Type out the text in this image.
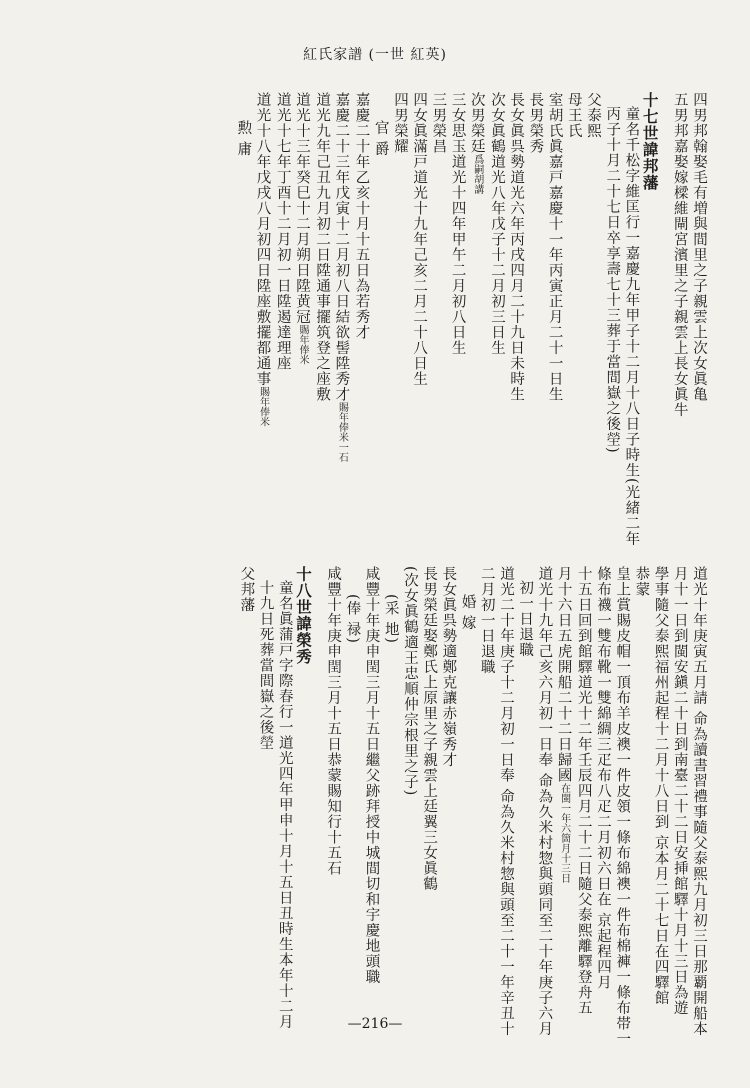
紅氏家譜 (一世 紅英)
四男邦翰娶毛有増與間里之子親雲上次女眞亀
五男邦嘉娶嫁樑維閘宮濱里之子親雲上長女眞牛
十七世諱邦藩
童名千松字維匡行一嘉慶九年甲子十二月十八日子時生(光緒二年
丙子十月二十七日卒享壽七十三葬于當間嶽之後塋)
父泰熙
母王氏
室胡氏眞嘉戸嘉慶十一年丙寅正月二十一日生
長男榮秀
長女眞呉勢道光六年丙戌四月二十九日未時生
次女眞鶴道光八年戊子十二月初三日生
次男榮廷爲嗣胡講
三女思玉道光十四年甲午二月初八日生
三男榮昌
四女眞滿戸道光十九年己亥二月二十八日生
四男榮耀
官 爵
嘉慶二十年乙亥十月十五日為若秀才
嘉慶二十三年戊寅十二月初八日結欲髻陞秀才賜年俸米一石
道光九年己丑九月初二日陞通事擺筑登之座敷
道光十三年癸巳十二月朔日陞黄冠賜年俸米
道光十七年丁酉十二月初一日陞遏達理座
道光十八年戊戌八月初四日陞座敷擺都通事賜年俸米
勲 庸
道光十年庚寅五月請 命為讀書習禮事隨父泰熙九月初三日那覇開船本
月十一日到閩安鎭二十日到南臺二十二日安挿館驛十月十三日為遊
學事隨父泰熙福州起程十二月十八日到 京本月二十七日在四驛館
恭蒙
皇上賞賜皮帽一頂布羊皮襖一件皮領一條布綿襖一件布棉褲一條布帯一
條布襪一雙布靴一雙綿綢三疋布八疋二月初六日在 京起程四月
十五日回到館驛道光十二年壬辰四月二十二日隨父泰熙離驛登舟五
月十六日五虎開船二十二日歸國在閩一年六箇月十三日
道光十九年己亥六月初一日奉 命為久米村惣與頭同至二十年庚子六月
初一日退職
道光二十年庚子十二月初一日奉 命為久米村惣與頭至二十一年辛丑十
二月初一日退職
婚 嫁
長女眞呉勢適鄭克讓赤嶺秀才
長男榮廷娶鄭氏上原里之子親雲上廷翼三女眞鶴
(次女眞鶴適王忠順仲宗根里之子)
(采 地)
咸豐十年庚申閏三月十五日繼父跡拜授中城間切和宇慶地頭職
(俸 禄)
咸豐十年庚申閏三月十五日恭蒙賜知行十五石
十八世諱榮秀
童名眞蒲戸字際春行一道光四年甲申十月十五日丑時生本年十二月
十九日死葬當間嶽之後塋
父邦藩
—216—
